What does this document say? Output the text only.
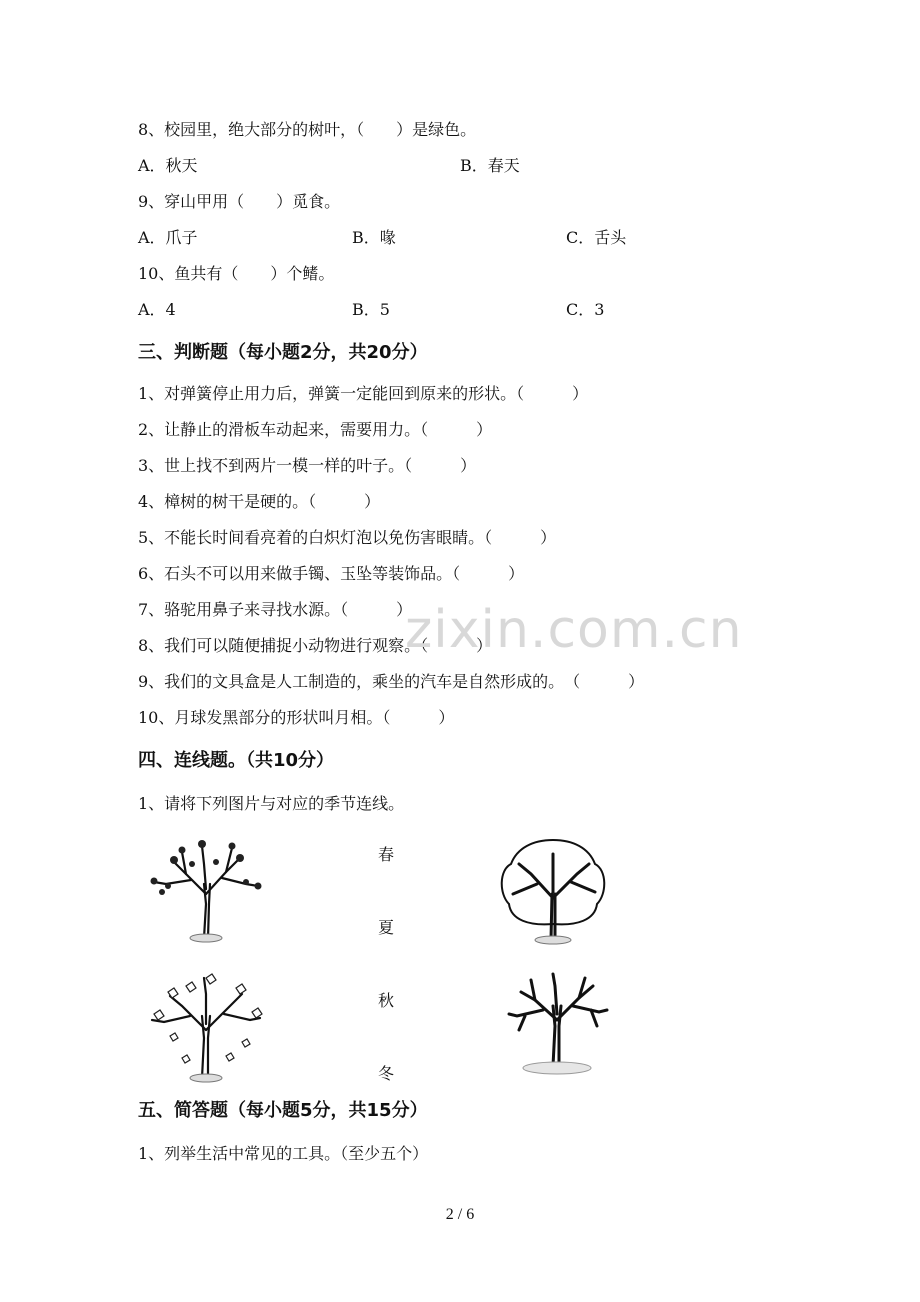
8、校园里，绝大部分的树叶，（　　）是绿色。
A．秋天	B．春天
9、穿山甲用（　　）觅食。
A．爪子	B．喙	C．舌头
10、鱼共有（　　）个鳍。
A．4	B．5	C．3
三、判断题（每小题2分，共20分）
1、对弹簧停止用力后，弹簧一定能回到原来的形状。（　　　）
2、让静止的滑板车动起来，需要用力。（　　　）
3、世上找不到两片一模一样的叶子。（　　　）
4、樟树的树干是硬的。（　　　）
5、不能长时间看亮着的白炽灯泡以免伤害眼睛。（　　　）
6、石头不可以用来做手镯、玉坠等装饰品。（　　　）
7、骆驼用鼻子来寻找水源。（　　　）
8、我们可以随便捕捉小动物进行观察。（　　　）
9、我们的文具盒是人工制造的，乘坐的汽车是自然形成的。　（　　　）
10、月球发黑部分的形状叫月相。（　　　）
四、连线题。（共10分）
1、请将下列图片与对应的季节连线。
春
夏
秋
冬
五、简答题（每小题5分，共15分）
1、列举生活中常见的工具。（至少五个）
zixin.com.cn
2 / 6
